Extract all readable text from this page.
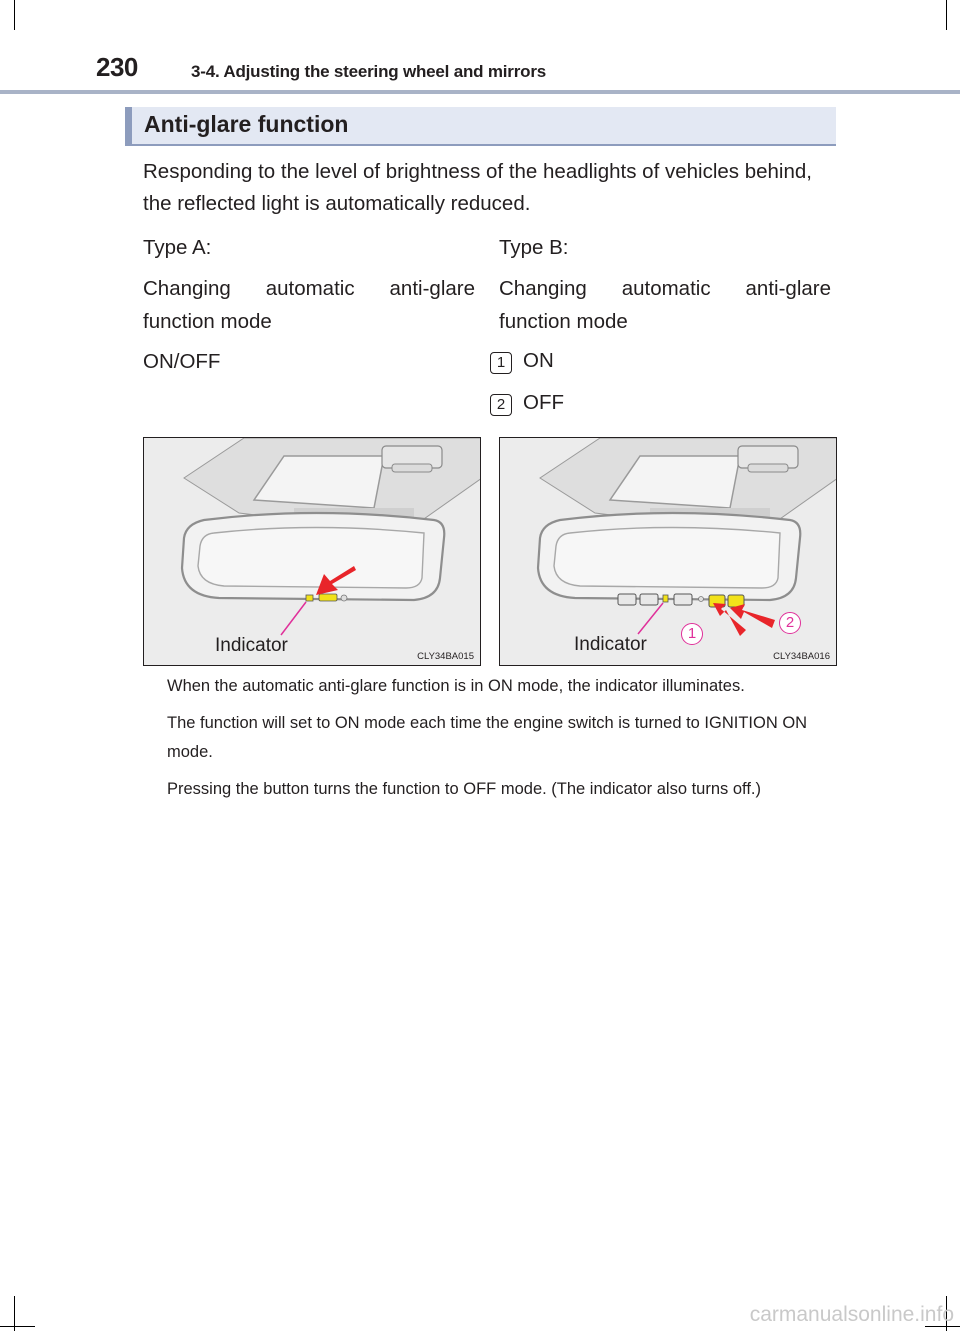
230	3-4. Adjusting the steering wheel and mirrors
Anti-glare function
Responding to the level of brightness of the headlights of vehicles behind, the reflected light is automatically reduced.
Type A:
Changing automatic anti-glare function mode
ON/OFF
Type B:
Changing automatic anti-glare function mode
1 ON
2 OFF
Indicator
CLY34BA015
1
2
Indicator
CLY34BA016

When the automatic anti-glare function is in ON mode, the indicator illuminates.

The function will set to ON mode each time the engine switch is turned to IGNITION ON mode.

Pressing the button turns the function to OFF mode. (The indicator also turns off.)

carmanualsonline.info
